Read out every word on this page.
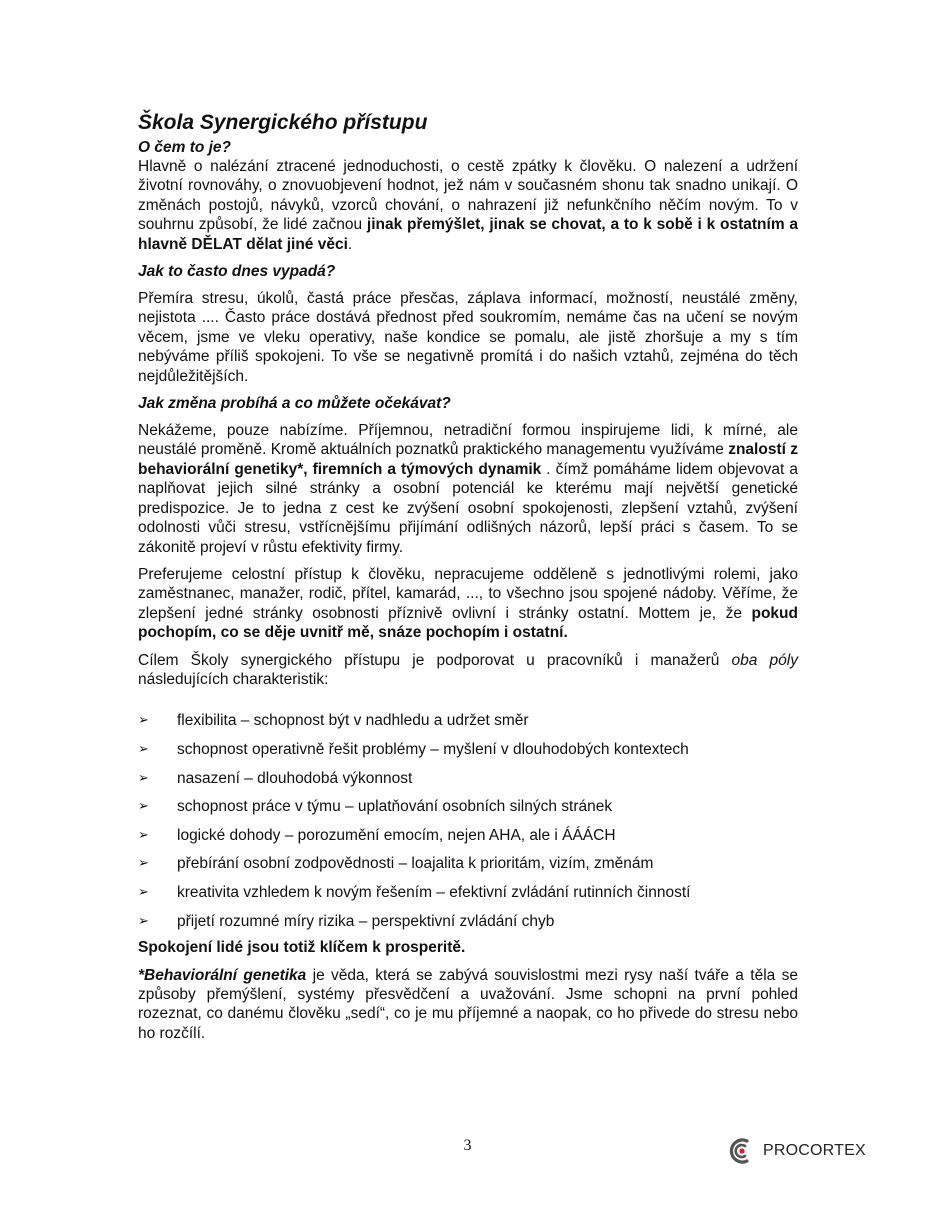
Škola Synergického přístupu
O čem to je?

Hlavně o nalézání ztracené jednoduchosti, o cestě zpátky k člověku. O nalezení a udržení životní rovnováhy, o znovuobjevení hodnot, jež nám v současném shonu tak snadno unikají. O změnách postojů, návyků, vzorců chování, o nahrazení již nefunkčního něčím novým. To v souhrnu způsobí, že lidé začnou jinak přemýšlet, jinak se chovat, a to k sobě i k ostatním a hlavně DĚLAT dělat jiné věci.

Jak to často dnes vypadá?

Přemíra stresu, úkolů, častá práce přesčas, záplava informací, možností, neustálé změny, nejistota .... Často práce dostává přednost před soukromím, nemáme čas na učení se novým věcem, jsme ve vleku operativy, naše kondice se pomalu, ale jistě zhoršuje a my s tím nebýváme příliš spokojeni. To vše se negativně promítá i do našich vztahů, zejména do těch nejdůležitějších.

Jak změna probíhá a co můžete očekávat?

Nekážeme, pouze nabízíme. Příjemnou, netradiční formou inspirujeme lidi, k mírné, ale neustálé proměně. Kromě aktuálních poznatků praktického managementu využíváme znalostí z behaviorální genetiky*, firemních a týmových dynamik . čímž pomáháme lidem objevovat a naplňovat jejich silné stránky a osobní potenciál ke kterému mají největší genetické predispozice. Je to jedna z cest ke zvýšení osobní spokojenosti, zlepšení vztahů, zvýšení odolnosti vůči stresu, vstřícnějšímu přijímání odlišných názorů, lepší práci s časem. To se zákonitě projeví v růstu efektivity firmy.

Preferujeme celostní přístup k člověku, nepracujeme odděleně s jednotlivými rolemi, jako zaměstnanec, manažer, rodič, přítel, kamarád, ..., to všechno jsou spojené nádoby. Věříme, že zlepšení jedné stránky osobnosti příznivě ovlivní i stránky ostatní. Mottem je, že pokud pochopím, co se děje uvnitř mě, snáze pochopím i ostatní.

Cílem Školy synergického přístupu je podporovat u pracovníků i manažerů oba póly následujících charakteristik:

➢	flexibilita – schopnost být v nadhledu a udržet směr
➢	schopnost operativně řešit problémy – myšlení v dlouhodobých kontextech
➢	nasazení – dlouhodobá výkonnost
➢	schopnost práce v týmu – uplatňování osobních silných stránek
➢	logické dohody – porozumění emocím, nejen AHA, ale i ÁÁÁCH
➢	přebírání osobní zodpovědnosti – loajalita k prioritám, vizím, změnám
➢	kreativita vzhledem k novým řešením – efektivní zvládání rutinních činností
➢	přijetí rozumné míry rizika – perspektivní zvládání chyb

Spokojení lidé jsou totiž klíčem k prosperitě.

*Behaviorální genetika je věda, která se zabývá souvislostmi mezi rysy naší tváře a těla se způsoby přemýšlení, systémy přesvědčení a uvažování. Jsme schopni na první pohled rozeznat, co danému člověku „sedí“, co je mu příjemné a naopak, co ho přivede do stresu nebo ho rozčílí.

3	PROCORTEX
